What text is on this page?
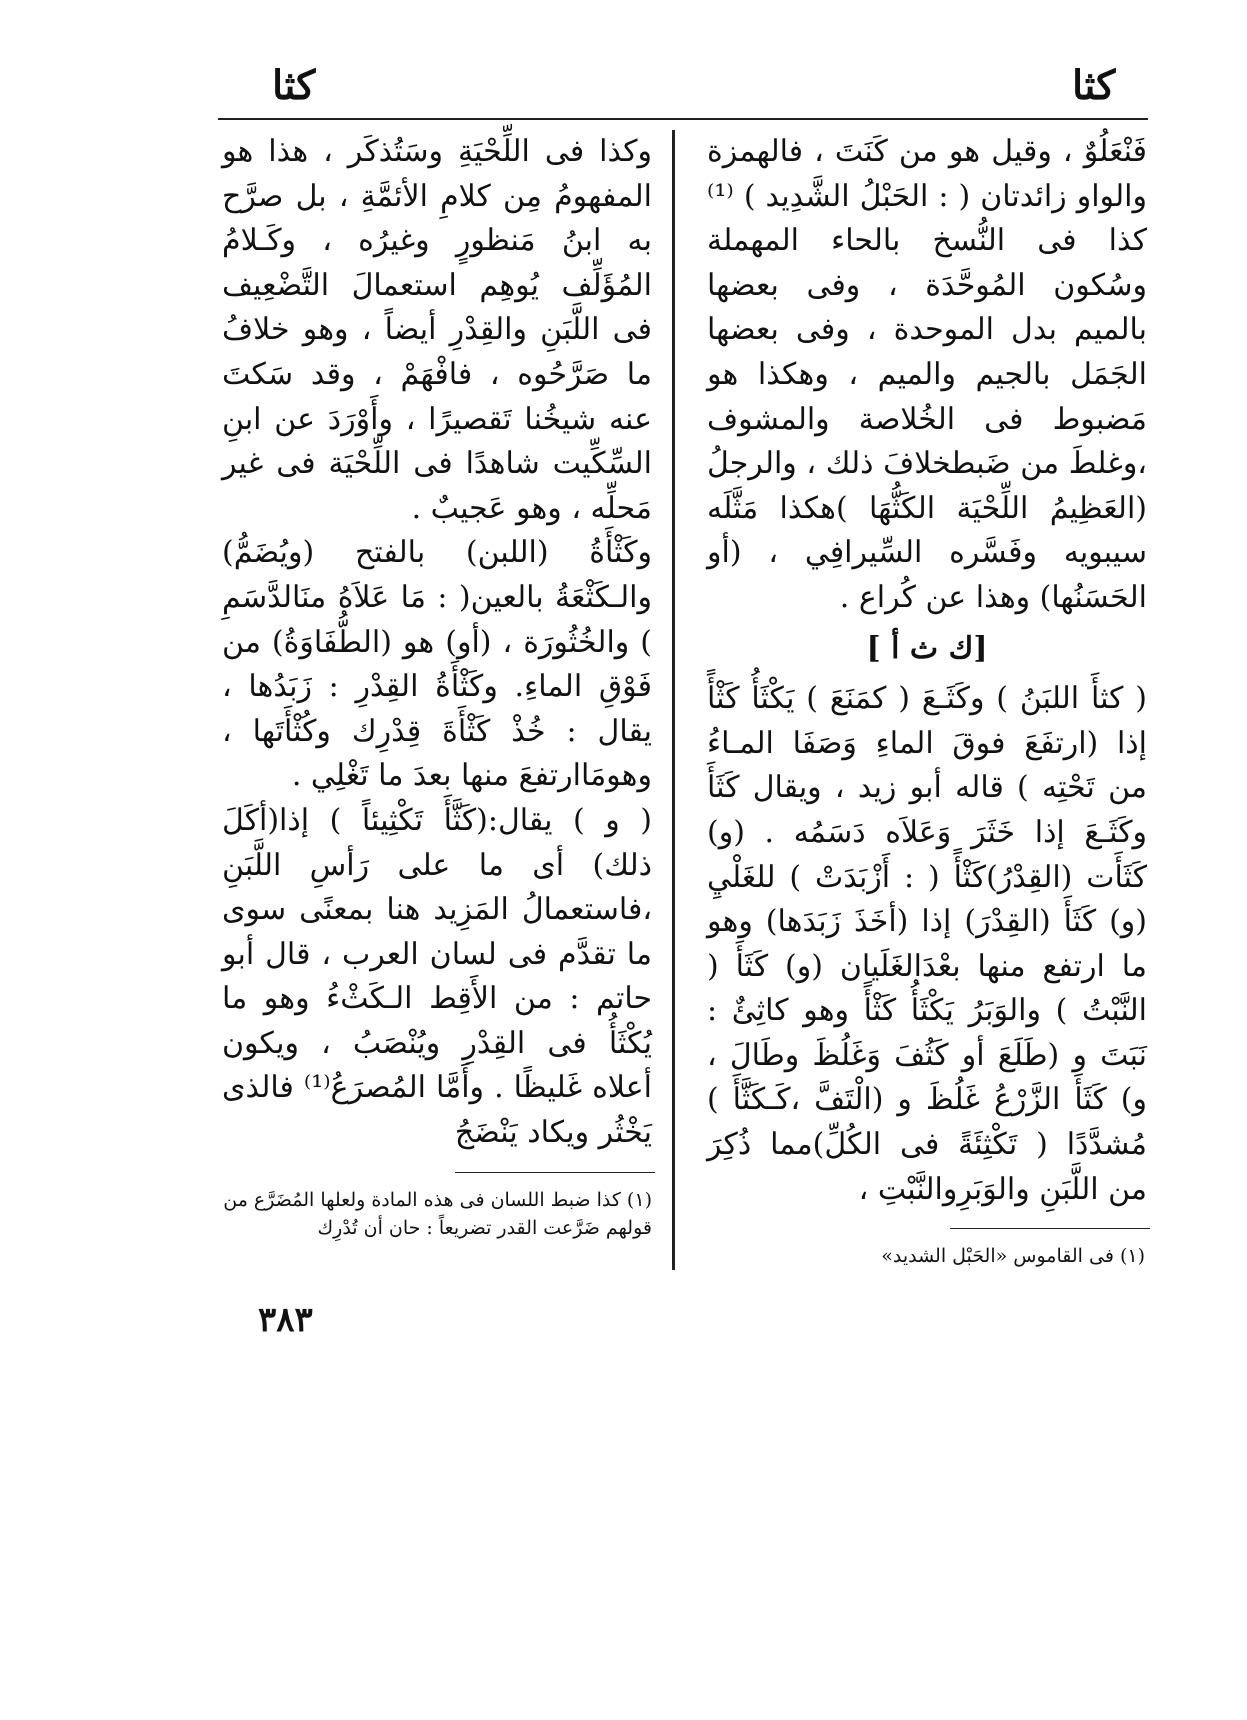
كثا	كثا

فَنْعَلُوٌ ، وقيل هو من كَنَتَ ، فالهمزة والواو زائدتان ( : الحَبْلُ الشَّدِيد ) ⁽¹⁾ كذا فى النُّسخ بالحاء المهملة وسُكون المُوحَّدَة ، وفى بعضها بالميم بدل الموحدة ، وفى بعضها الجَمَل بالجيم والميم ، وهكذا هو مَضبوط فى الخُلاصة والمشوف ،وغلطَ من ضَبطخلافَ ذلك ، والرجلُ (العَظِيمُ اللِّحْيَة الكَثُّهَا )هكذا مَثَّلَه سيبويه وفَسَّره السِّيرافِي ، (أو الحَسَنُها) وهذا عن كُراع .

[ك ث أ ]

( كثأَ اللبَنُ ) وكَثَـعَ ( كمَنَعَ ) يَكْثَأُ كَثْأً إذا (ارتفَعَ فوقَ الماءِ وَصَفَا المـاءُ من تَحْتِه ) قاله أبو زيد ، ويقال كَثَأَ وكَثَـعَ إذا خَثَرَ وَعَلاَه دَسَمُه . (و) كَثَأَت (القِدْرُ)كَثْأً ( : أَزْبَدَتْ ) للغَلْيِ (و) كَثَأَ (القِدْرَ) إذا (أخَذَ زَبَدَها) وهو ما ارتفع منها بعْدَالغَلَيان (و) كَثَأَ ( النَّبْتُ ) والوَبَرُ يَكْثَأُ كَثْأً وهو كاثِئٌ : نَبَتَ و (طَلَعَ أو كَثُفَ وَغَلُظَ وطَالَ ، و) كَثَأَ الزَّرْعُ غَلُظَ و (الْتَفَّ ،كَـكَثَّأَ ) مُشدَّدًا ( تَكْثِئَةً فى الكُلِّ)مما ذُكِرَ من اللَّبَنِ والوَبَرِوالنَّبْتِ ،

وكذا فى اللِّحْيَةِ وسَتُذكَر ، هذا هو المفهومُ مِن كلامِ الأئمَّةِ ، بل صرَّح به ابنُ مَنظورٍ وغيرُه ، وكَـلامُ المُؤَلِّف يُوهِم استعمالَ التَّضْعِيف فى اللَّبَنِ والقِدْرِ أيضاً ، وهو خلافُ ما صَرَّحُوه ، فافْهَمْ ، وقد سَكتَ عنه شيخُنا تَقصيرًا ، وأَوْرَدَ عن ابنِ السِّكِّيت شاهدًا فى اللِّحْيَة فى غير مَحلِّه ، وهو عَجيبٌ .

وكَثْأَةُ (اللبن) بالفتح (ويُضَمُّ) والـكَثْعَةُ بالعين( : مَا عَلاَهُ منَالدَّسَمِ ) والخُثُورَة ، (أو) هو (الطُّفَاوَةُ) من فَوْقِ الماءِ. وكَثْأَةُ القِدْرِ : زَبَدُها ، يقال : خُذْ كَثْأَةَ قِدْرِك وكُثْأَتَها ، وهومَاارتفعَ منها بعدَ ما تَغْلِي .

( و ) يقال:(كَثَّأَ تَكْثِيئاً ) إذا(أكَلَ ذلك) أى ما على رَأسِ اللَّبَنِ ،فاستعمالُ المَزِيد هنا بمعنًى سوى ما تقدَّم فى لسان العرب ، قال أبو حاتم : من الأَقِط الـكَثْءُ وهو ما يُكْثَأُ فى القِدْرِ ويُنْصَبُ ، ويكون أعلاه غَليظًا . وأَمَّا المُصرَعُ⁽¹⁾ فالذى يَخْثُر ويكاد يَنْضَجُ

(١) كذا ضبط اللسان فى هذه المادة ولعلها المُضَرَّع من قولهم ضَرَّعت القدر تضريعاً : حان أن تُدْرِك
(١) فى القاموس «الحَبْل الشديد»
٣٨٣
